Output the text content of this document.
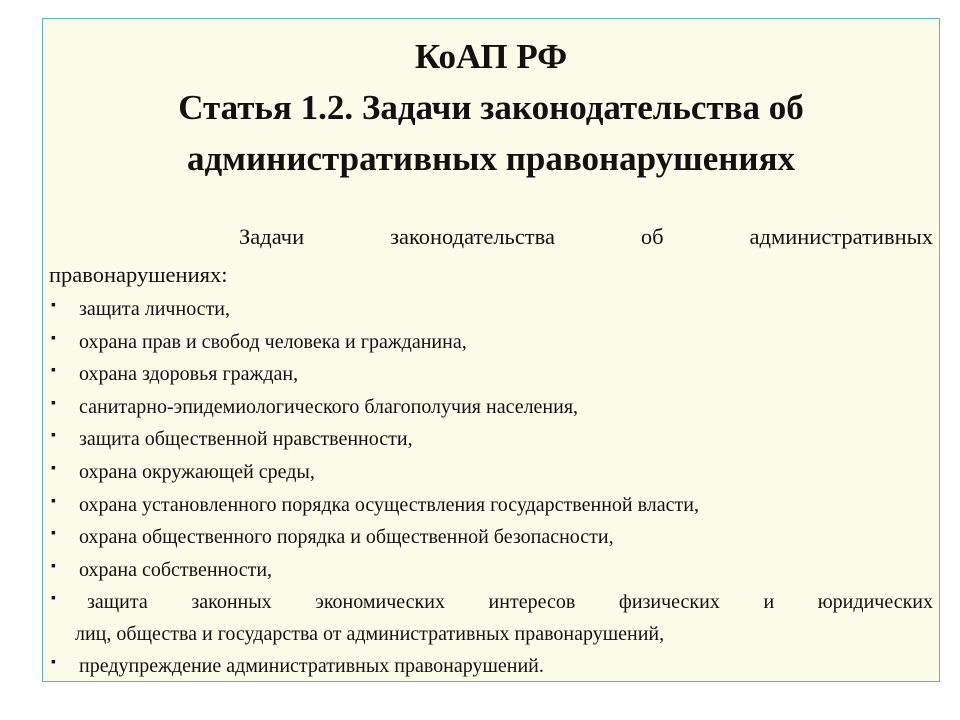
КоАП РФ
Статья 1.2. Задачи законодательства об
административных правонарушениях

Задачи законодательства об административных
правонарушениях:

▪ защита личности,
▪ охрана прав и свобод человека и гражданина,
▪ охрана здоровья граждан,
▪ санитарно-эпидемиологического благополучия населения,
▪ защита общественной нравственности,
▪ охрана окружающей среды,
▪ охрана установленного порядка осуществления государственной власти,
▪ охрана общественного порядка и общественной безопасности,
▪ охрана собственности,
▪	защита законных экономических интересов физических и юридических
лиц, общества и государства от административных правонарушений,
▪ предупреждение административных правонарушений.
